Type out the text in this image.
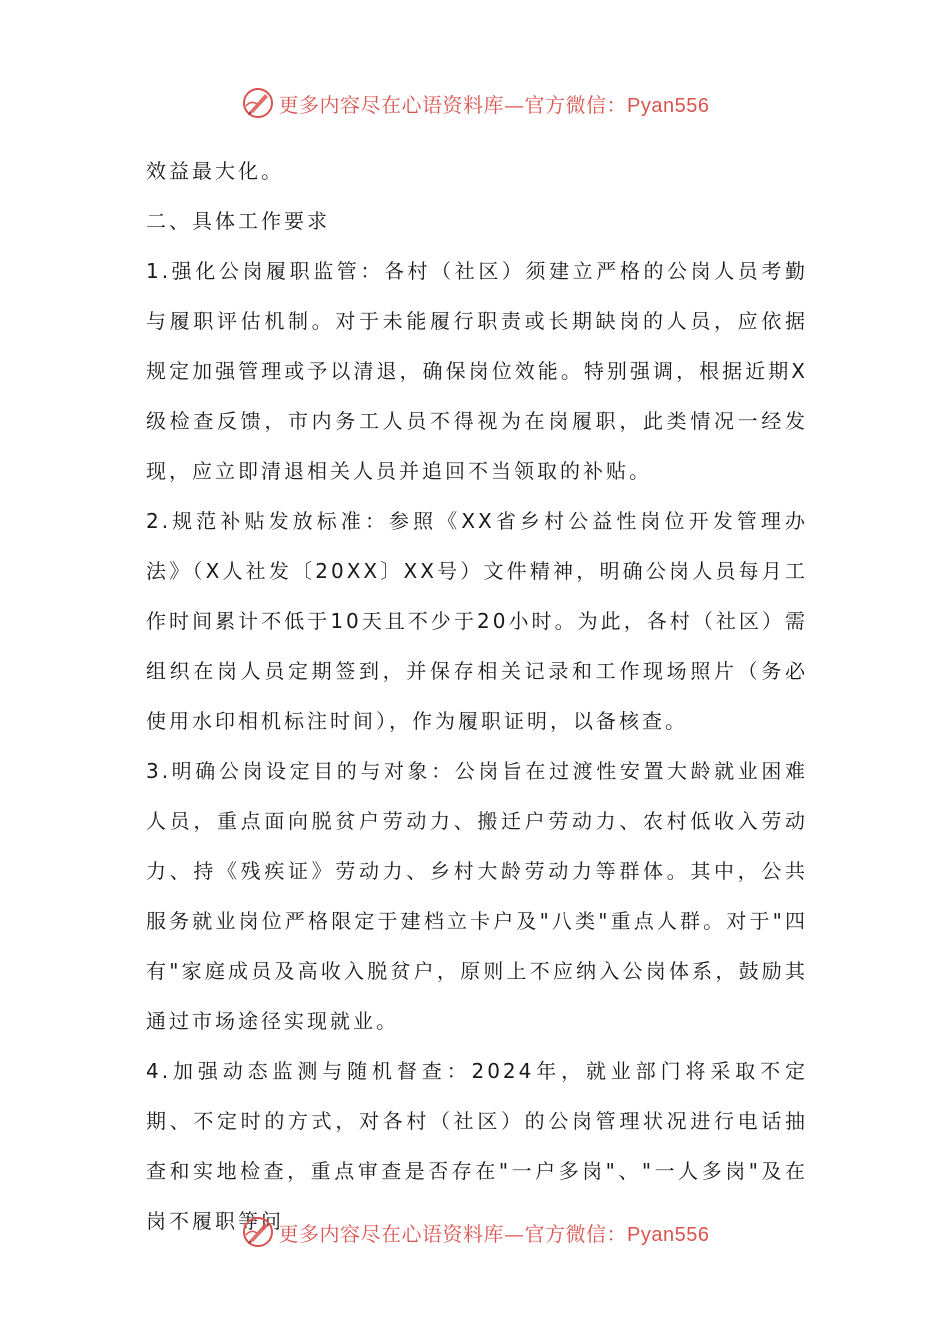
更多内容尽在心语资料库—官方微信：Pyan556

效益最大化。

二、具体工作要求

1.强化公岗履职监管：各村（社区）须建立严格的公岗人员考勤与履职评估机制。对于未能履行职责或长期缺岗的人员，应依据规定加强管理或予以清退，确保岗位效能。特别强调，根据近期X级检查反馈，市内务工人员不得视为在岗履职，此类情况一经发现，应立即清退相关人员并追回不当领取的补贴。

2.规范补贴发放标准：参照《XX省乡村公益性岗位开发管理办法》（X人社发〔20XX〕XX号）文件精神，明确公岗人员每月工作时间累计不低于10天且不少于20小时。为此，各村（社区）需组织在岗人员定期签到，并保存相关记录和工作现场照片（务必使用水印相机标注时间），作为履职证明，以备核查。

3.明确公岗设定目的与对象：公岗旨在过渡性安置大龄就业困难人员，重点面向脱贫户劳动力、搬迁户劳动力、农村低收入劳动力、持《残疾证》劳动力、乡村大龄劳动力等群体。其中，公共服务就业岗位严格限定于建档立卡户及"八类"重点人群。对于"四有"家庭成员及高收入脱贫户，原则上不应纳入公岗体系，鼓励其通过市场途径实现就业。

4.加强动态监测与随机督查：2024年，就业部门将采取不定期、不定时的方式，对各村（社区）的公岗管理状况进行电话抽查和实地检查，重点审查是否存在"一户多岗"、"一人多岗"及在岗不履职等问

更多内容尽在心语资料库—官方微信：Pyan556
